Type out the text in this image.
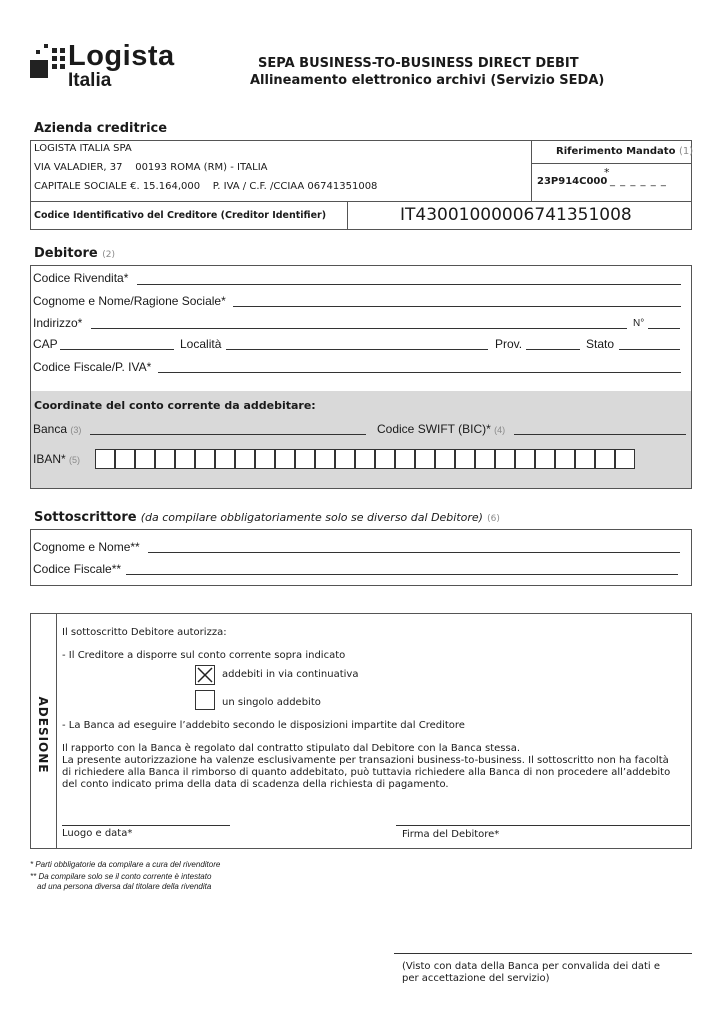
Logista
Italia
SEPA BUSINESS-TO-BUSINESS DIRECT DEBIT
Allineamento elettronico archivi (Servizio SEDA)
Azienda creditrice
LOGISTA ITALIA SPA
VIA VALADIER, 37    00193 ROMA (RM) - ITALIA
CAPITALE SOCIALE €. 15.164,000    P. IVA / C.F. /CCIAA 06741351008
Riferimento Mandato (1)
*
23P914C000 _ _ _ _ _ _
Codice Identificativo del Creditore (Creditor Identifier)	IT43001000006741351008
Debitore (2)
Codice Rivendita*
Cognome e Nome/Ragione Sociale*
Indirizzo*	N°
CAP	Località	Prov.	Stato
Codice Fiscale/P. IVA*
Coordinate del conto corrente da addebitare:
Banca (3)	Codice SWIFT (BIC)* (4)
IBAN* (5)
Sottoscrittore (da compilare obbligatoriamente solo se diverso dal Debitore) (6)
Cognome e Nome**
Codice Fiscale**
ADESIONE
Il sottoscritto Debitore autorizza:
- Il Creditore a disporre sul conto corrente sopra indicato
addebiti in via continuativa
un singolo addebito
- La Banca ad eseguire l’addebito secondo le disposizioni impartite dal Creditore
Il rapporto con la Banca è regolato dal contratto stipulato dal Debitore con la Banca stessa.
La presente autorizzazione ha valenze esclusivamente per transazioni business-to-business. Il sottoscritto non ha facoltà
di richiedere alla Banca il rimborso di quanto addebitato, può tuttavia richiedere alla Banca di non procedere all’addebito
del conto indicato prima della data di scadenza della richiesta di pagamento.
Luogo e data*	Firma del Debitore*
* Parti obbligatorie da compilare a cura del rivenditore
** Da compilare solo se il conto corrente è intestato
ad una persona diversa dal titolare della rivendita
(Visto con data della Banca per convalida dei dati e
per accettazione del servizio)
